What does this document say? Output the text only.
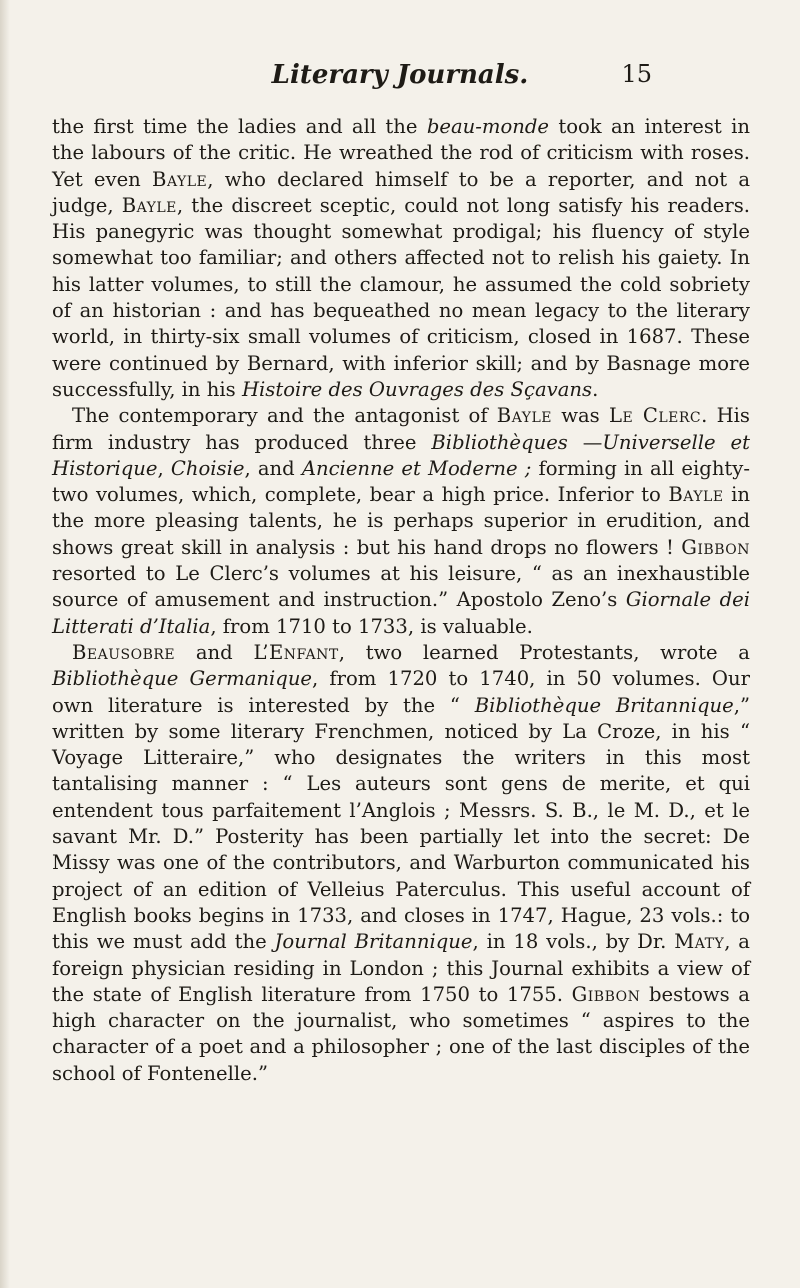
Literary Journals.	15

the first time the ladies and all the beau-monde took an interest in the labours of the critic. He wreathed the rod of criticism with roses. Yet even Bayle, who declared himself to be a reporter, and not a judge, Bayle, the discreet sceptic, could not long satisfy his readers. His panegyric was thought somewhat prodigal; his fluency of style somewhat too familiar; and others affected not to relish his gaiety. In his latter volumes, to still the clamour, he assumed the cold sobriety of an historian : and has bequeathed no mean legacy to the literary world, in thirty-six small volumes of criticism, closed in 1687. These were continued by Bernard, with inferior skill; and by Basnage more successfully, in his Histoire des Ouvrages des Sçavans.

The contemporary and the antagonist of Bayle was Le Clerc. His firm industry has produced three Bibliothèques —Universelle et Historique, Choisie, and Ancienne et Moderne ; forming in all eighty-two volumes, which, complete, bear a high price. Inferior to Bayle in the more pleasing talents, he is perhaps superior in erudition, and shows great skill in analysis : but his hand drops no flowers ! Gibbon resorted to Le Clerc’s volumes at his leisure, “ as an inexhaustible source of amusement and instruction.” Apostolo Zeno’s Giornale dei Litterati d’Italia, from 1710 to 1733, is valuable.

Beausobre and L’Enfant, two learned Protestants, wrote a Bibliothèque Germanique, from 1720 to 1740, in 50 volumes. Our own literature is interested by the “ Bibliothèque Britannique,” written by some literary Frenchmen, noticed by La Croze, in his “ Voyage Litteraire,” who designates the writers in this most tantalising manner : “ Les auteurs sont gens de merite, et qui entendent tous parfaitement l’Anglois ; Messrs. S. B., le M. D., et le savant Mr. D.” Posterity has been partially let into the secret: De Missy was one of the contributors, and Warburton communicated his project of an edition of Velleius Paterculus. This useful account of English books begins in 1733, and closes in 1747, Hague, 23 vols.: to this we must add the Journal Britannique, in 18 vols., by Dr. Maty, a foreign physician residing in London ; this Journal exhibits a view of the state of English literature from 1750 to 1755. Gibbon bestows a high character on the journalist, who sometimes “ aspires to the character of a poet and a philosopher ; one of the last disciples of the school of Fontenelle.”
